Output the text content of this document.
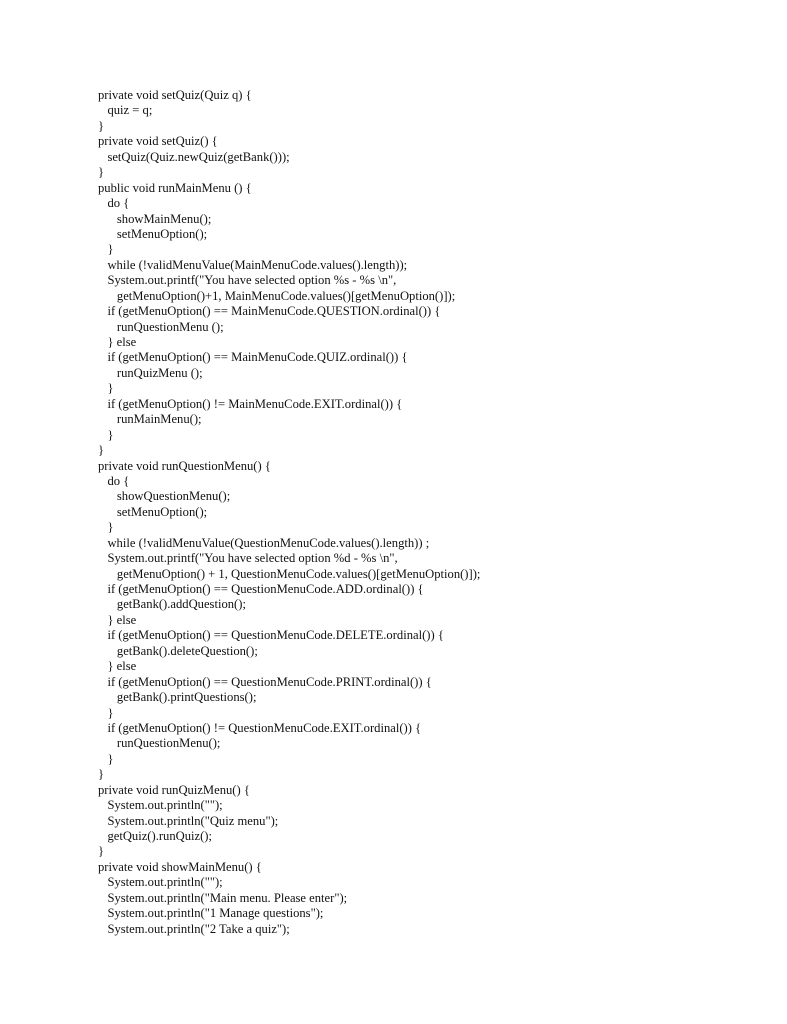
private void setQuiz(Quiz q) {
quiz = q;
}
private void setQuiz() {
setQuiz(Quiz.newQuiz(getBank()));
}
public void runMainMenu () {
do {
showMainMenu();
setMenuOption();
}
while (!validMenuValue(MainMenuCode.values().length));
System.out.printf("You have selected option %s - %s \n",
getMenuOption()+1, MainMenuCode.values()[getMenuOption()]);
if (getMenuOption() == MainMenuCode.QUESTION.ordinal()) {
runQuestionMenu ();
} else
if (getMenuOption() == MainMenuCode.QUIZ.ordinal()) {
runQuizMenu ();
}
if (getMenuOption() != MainMenuCode.EXIT.ordinal()) {
runMainMenu();
}
}
private void runQuestionMenu() {
do {
showQuestionMenu();
setMenuOption();
}
while (!validMenuValue(QuestionMenuCode.values().length)) ;
System.out.printf("You have selected option %d - %s \n",
getMenuOption() + 1, QuestionMenuCode.values()[getMenuOption()]);
if (getMenuOption() == QuestionMenuCode.ADD.ordinal()) {
getBank().addQuestion();
} else
if (getMenuOption() == QuestionMenuCode.DELETE.ordinal()) {
getBank().deleteQuestion();
} else
if (getMenuOption() == QuestionMenuCode.PRINT.ordinal()) {
getBank().printQuestions();
}
if (getMenuOption() != QuestionMenuCode.EXIT.ordinal()) {
runQuestionMenu();
}
}
private void runQuizMenu() {
System.out.println("");
System.out.println("Quiz menu");
getQuiz().runQuiz();
}
private void showMainMenu() {
System.out.println("");
System.out.println("Main menu. Please enter");
System.out.println("1 Manage questions");
System.out.println("2 Take a quiz");
